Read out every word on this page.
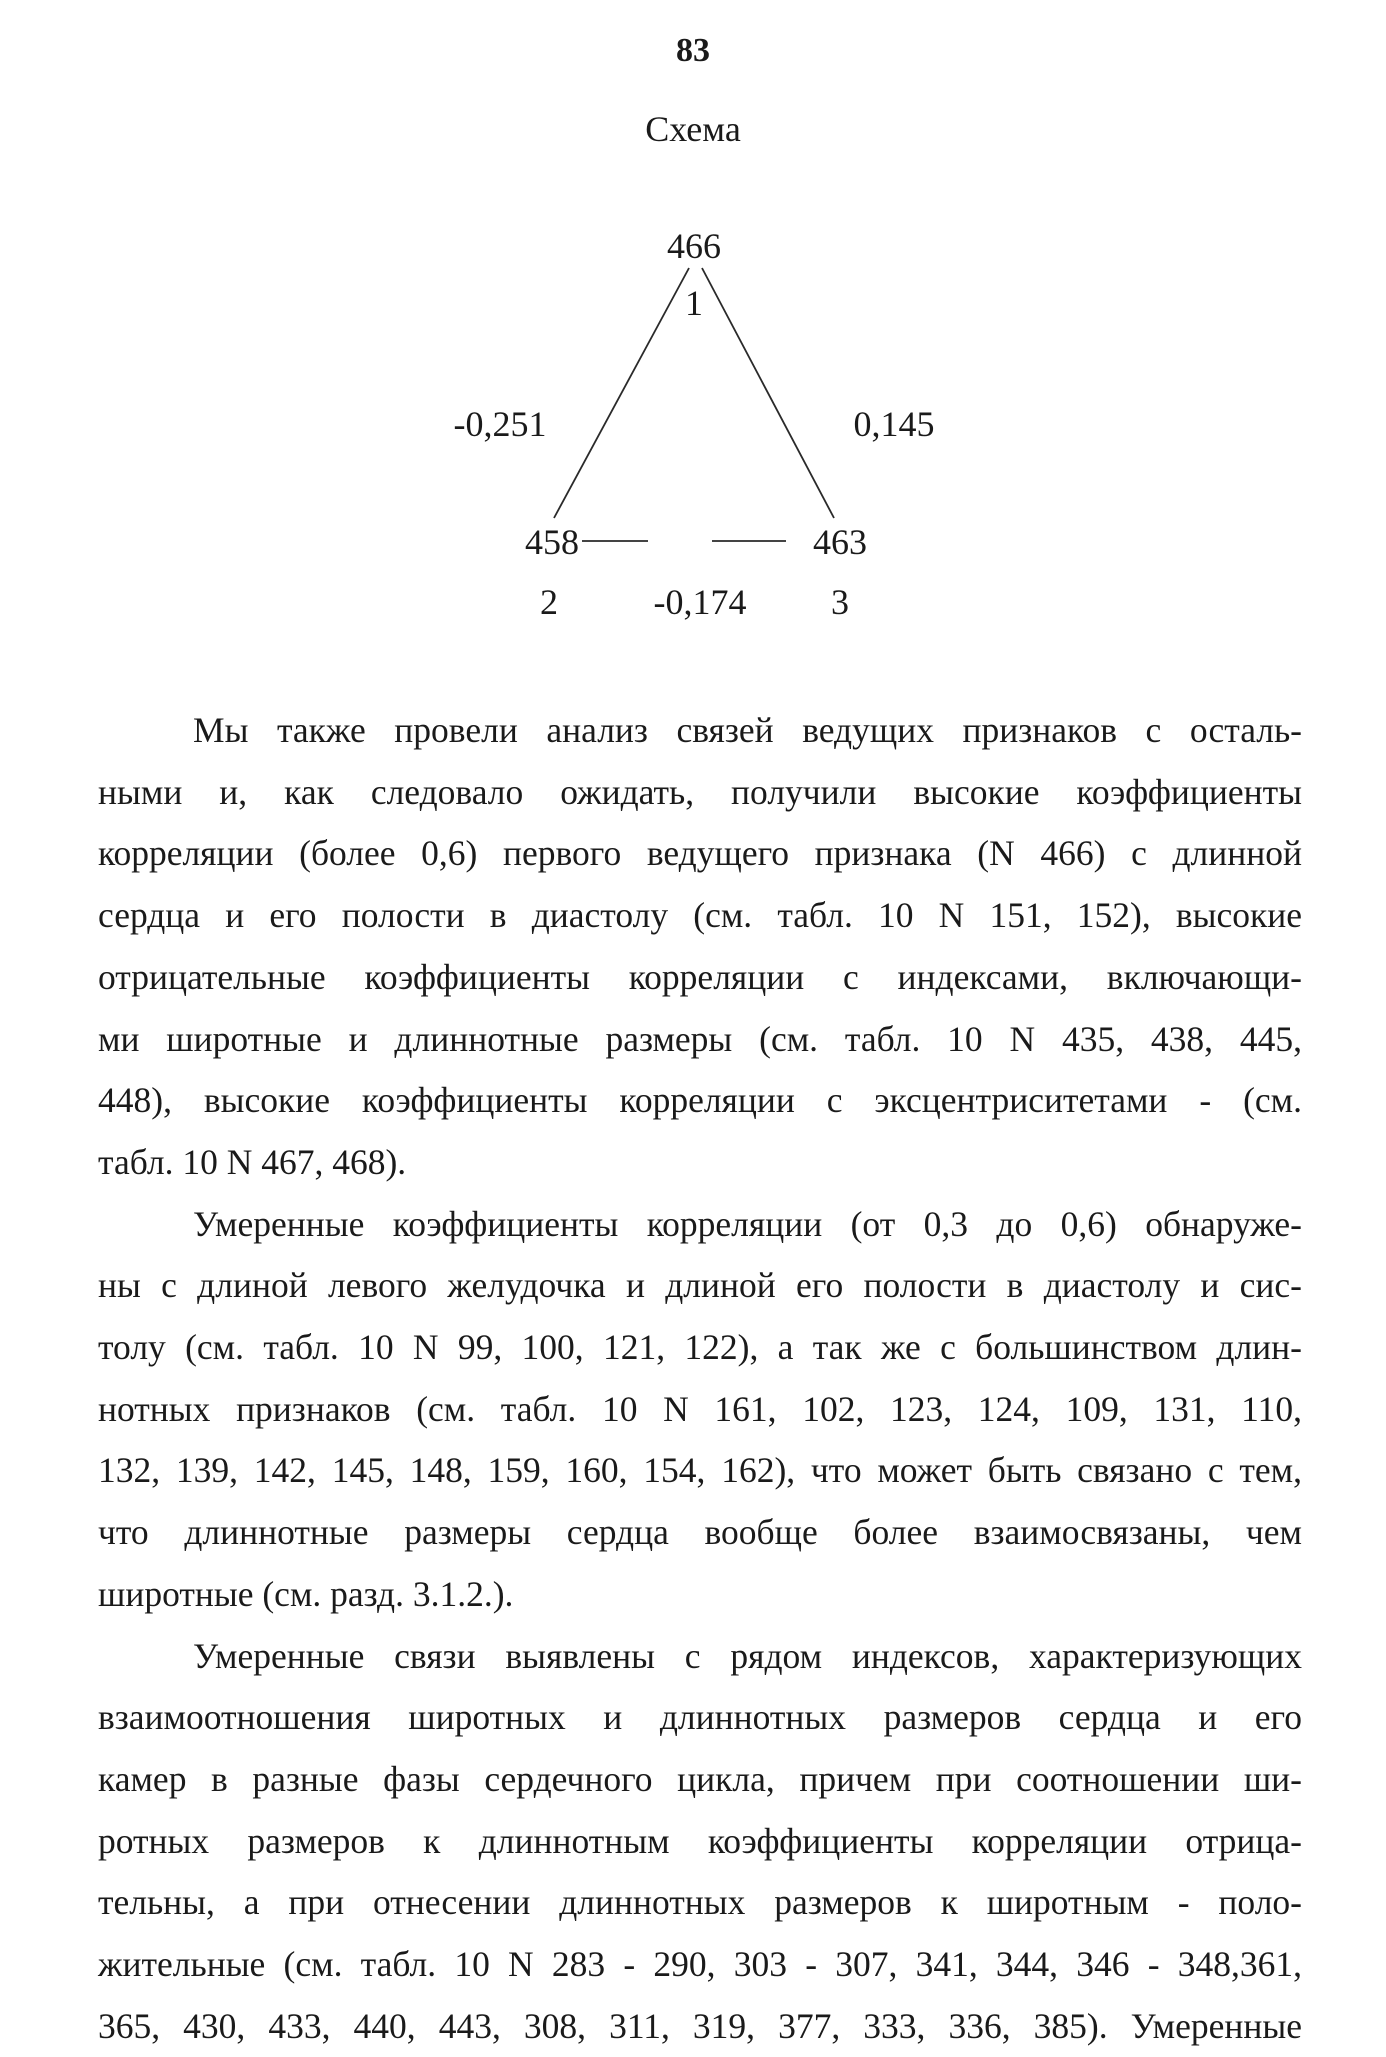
83
Схема
466
1
458
2
463
3
-0,251	0,145
-0,174
Мы также провели анализ связей ведущих признаков с осталь-
ными и, как следовало ожидать, получили высокие коэффициенты
корреляции (более 0,6) первого ведущего признака (N 466) с длинной
сердца и его полости в диастолу (см. табл. 10 N 151, 152), высокие
отрицательные коэффициенты корреляции с индексами, включающи-
ми широтные и длиннотные размеры (см. табл. 10 N 435, 438, 445,
448), высокие коэффициенты корреляции с эксцентриситетами - (см.
табл. 10 N 467, 468).
Умеренные коэффициенты корреляции (от 0,3 до 0,6) обнаруже-
ны с длиной левого желудочка и длиной его полости в диастолу и сис-
толу (см. табл. 10 N 99, 100, 121, 122), а так же с большинством длин-
нотных признаков (см. табл. 10 N 161, 102, 123, 124, 109, 131, 110,
132, 139, 142, 145, 148, 159, 160, 154, 162), что может быть связано с тем,
что длиннотные размеры сердца вообще более взаимосвязаны, чем
широтные (см. разд. 3.1.2.).
Умеренные связи выявлены с рядом индексов, характеризующих
взаимоотношения широтных и длиннотных размеров сердца и его
камер в разные фазы сердечного цикла, причем при соотношении ши-
ротных размеров к длиннотным коэффициенты корреляции отрица-
тельны, а при отнесении длиннотных размеров к широтным - поло-
жительные (см. табл. 10 N 283 - 290, 303 - 307, 341, 344, 346 - 348,361,
365, 430, 433, 440, 443, 308, 311, 319, 377, 333, 336, 385). Умеренные
